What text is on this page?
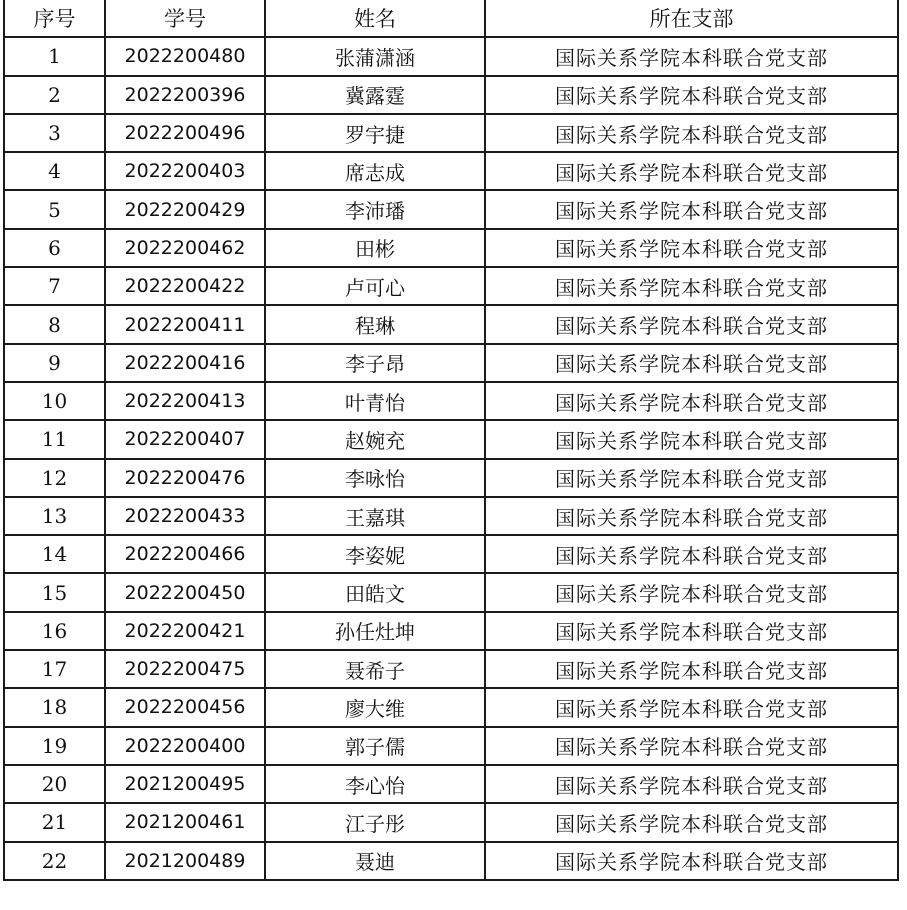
序号	学号	姓名	所在支部
1	2022200480	张蒲潇涵	国际关系学院本科联合党支部
2	2022200396	冀露霆	国际关系学院本科联合党支部
3	2022200496	罗宇捷	国际关系学院本科联合党支部
4	2022200403	席志成	国际关系学院本科联合党支部
5	2022200429	李沛璠	国际关系学院本科联合党支部
6	2022200462	田彬	国际关系学院本科联合党支部
7	2022200422	卢可心	国际关系学院本科联合党支部
8	2022200411	程琳	国际关系学院本科联合党支部
9	2022200416	李子昂	国际关系学院本科联合党支部
10	2022200413	叶青怡	国际关系学院本科联合党支部
11	2022200407	赵婉充	国际关系学院本科联合党支部
12	2022200476	李咏怡	国际关系学院本科联合党支部
13	2022200433	王嘉琪	国际关系学院本科联合党支部
14	2022200466	李姿妮	国际关系学院本科联合党支部
15	2022200450	田皓文	国际关系学院本科联合党支部
16	2022200421	孙任灶坤	国际关系学院本科联合党支部
17	2022200475	聂希子	国际关系学院本科联合党支部
18	2022200456	廖大维	国际关系学院本科联合党支部
19	2022200400	郭子儒	国际关系学院本科联合党支部
20	2021200495	李心怡	国际关系学院本科联合党支部
21	2021200461	江子彤	国际关系学院本科联合党支部
22	2021200489	聂迪	国际关系学院本科联合党支部
